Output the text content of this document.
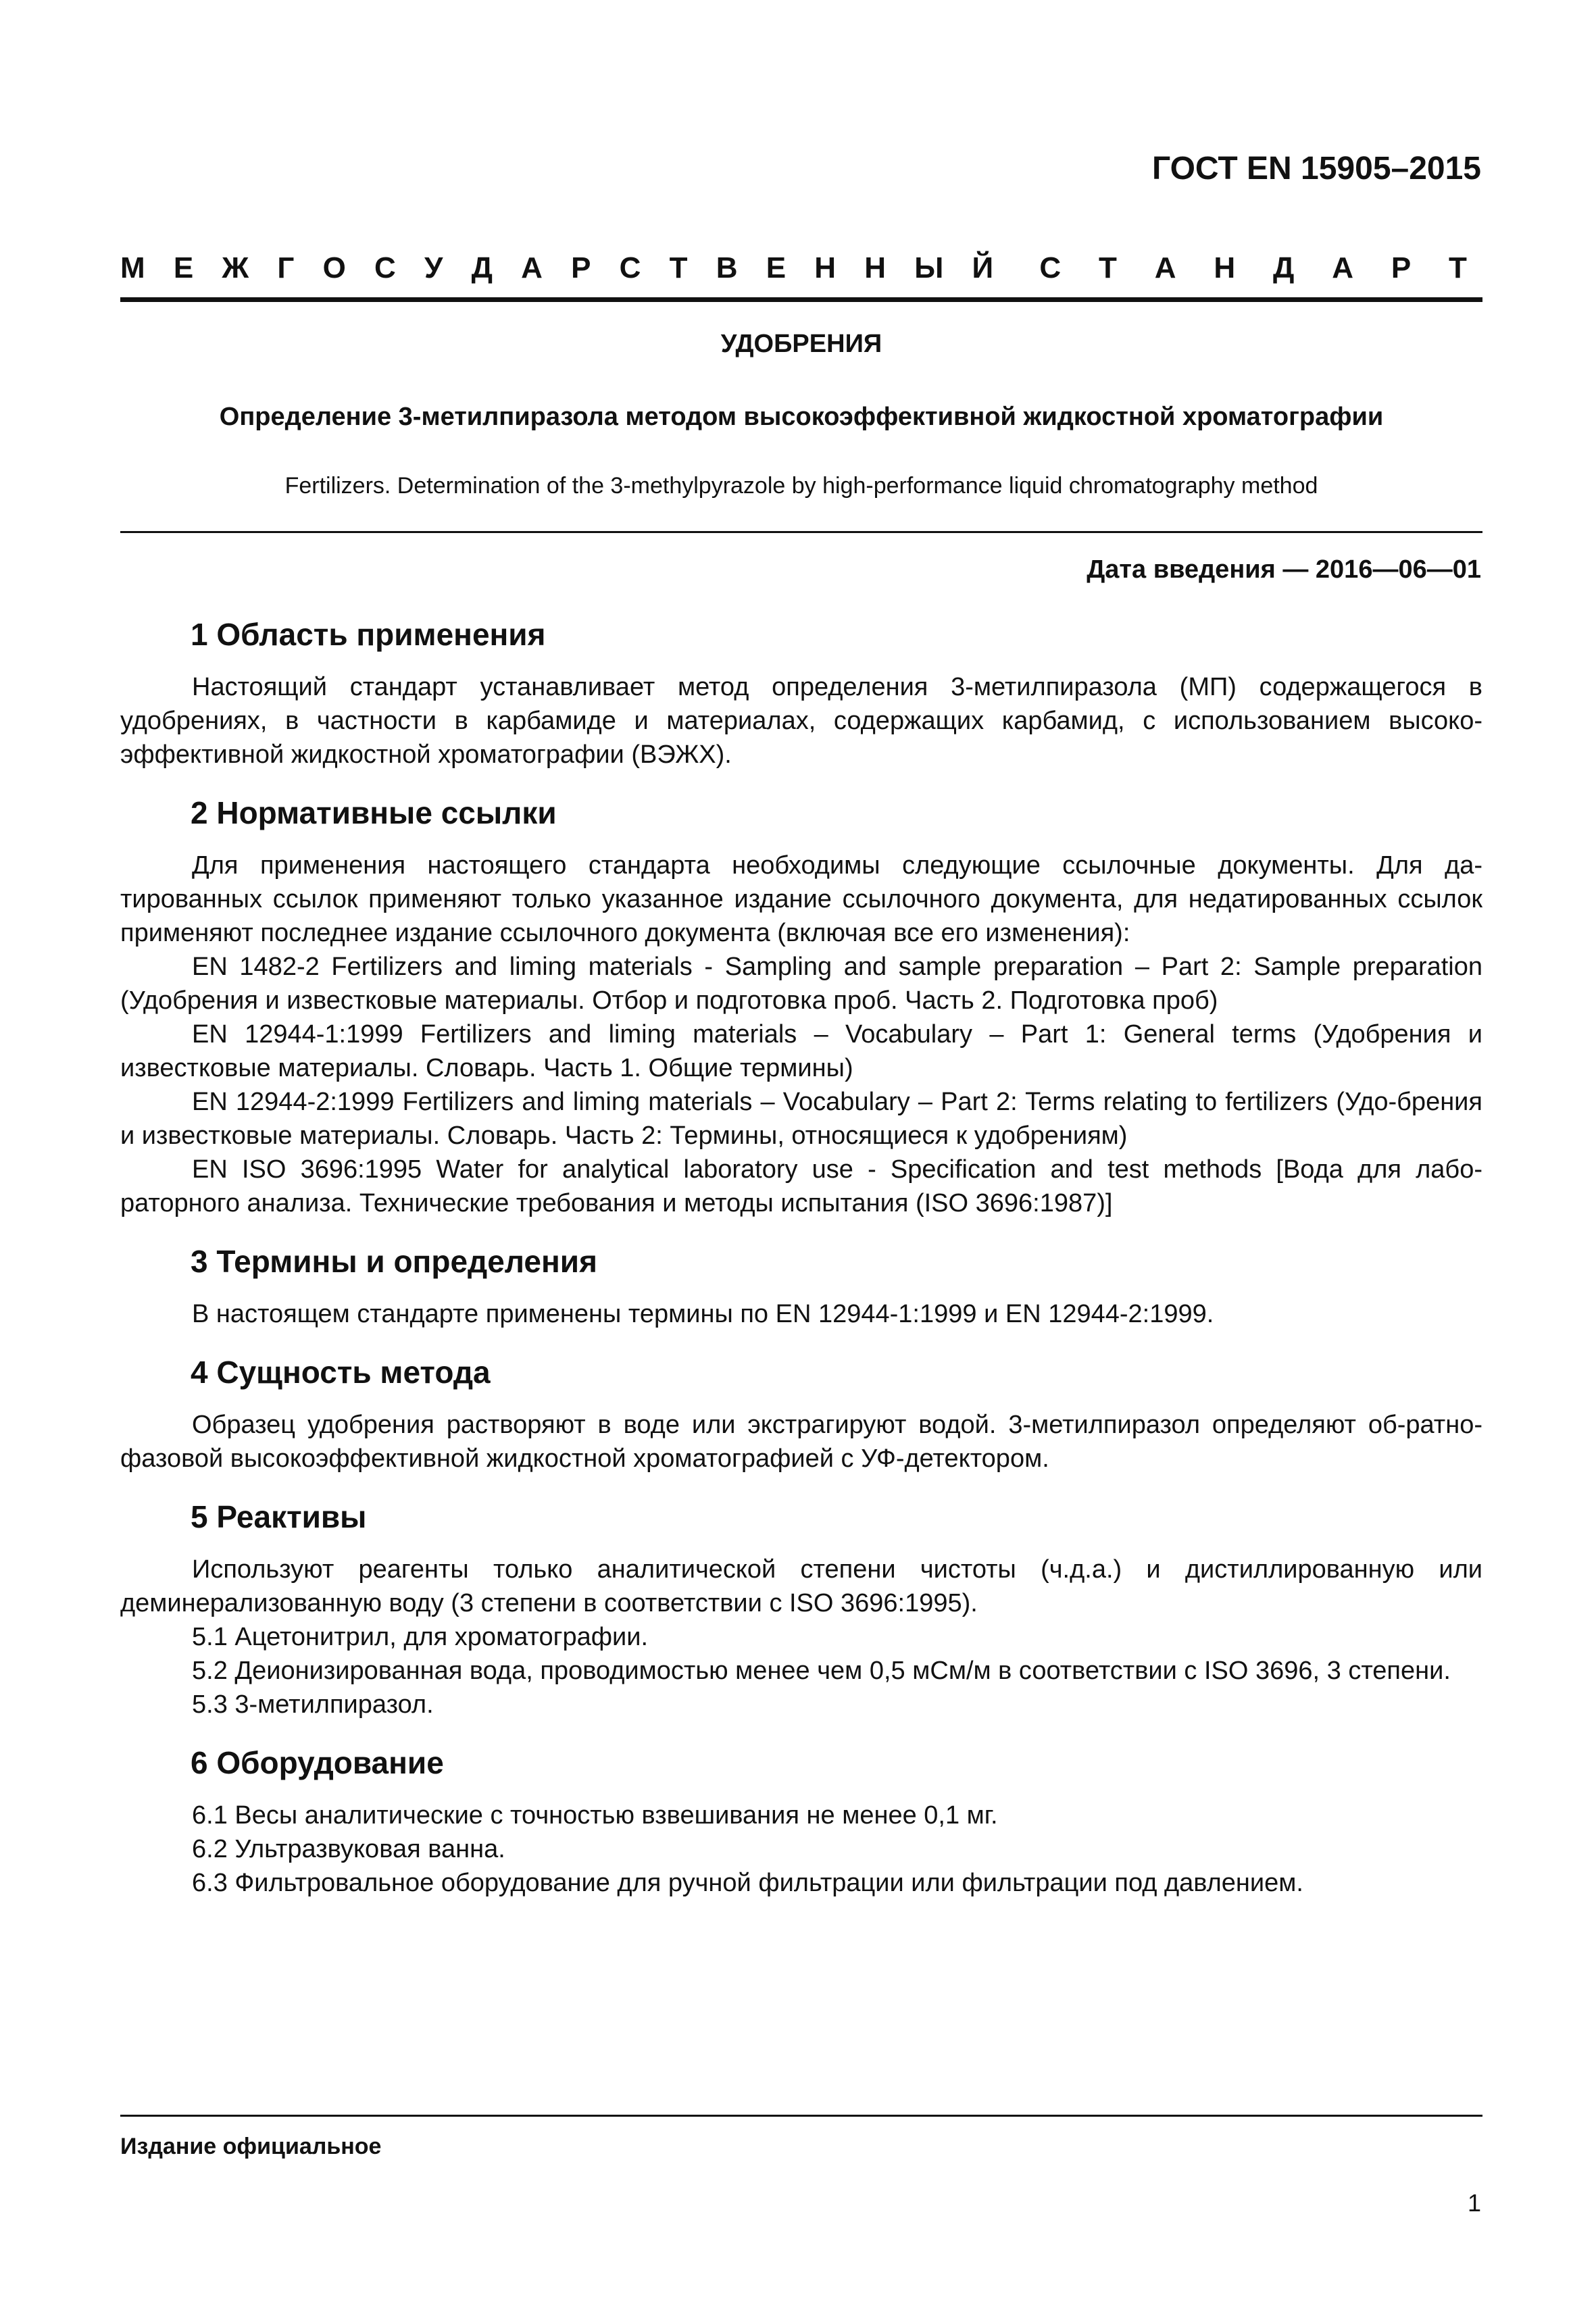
ГОСТ EN 15905–2015
М Е Ж Г О С У Д А Р С Т В Е Н Н Ы Й С Т А Н Д А Р Т
УДОБРЕНИЯ
Определение 3-метилпиразола методом высокоэффективной жидкостной хроматографии
Fertilizers. Determination of the 3-methylpyrazole by high-performance liquid chromatography method
Дата введения — 2016—06—01
1 Область применения

Настоящий стандарт устанавливает метод определения 3-метилпиразола (МП) содержащегося в удобрениях, в частности в карбамиде и материалах, содержащих карбамид, с использованием высоко-эффективной жидкостной хроматографии (ВЭЖХ).

2 Нормативные ссылки

Для применения настоящего стандарта необходимы следующие ссылочные документы. Для да-тированных ссылок применяют только указанное издание ссылочного документа, для недатированных ссылок применяют последнее издание ссылочного документа (включая все его изменения):

EN 1482-2 Fertilizers and liming materials - Sampling and sample preparation – Part 2: Sample preparation (Удобрения и известковые материалы. Отбор и подготовка проб. Часть 2. Подготовка проб)

EN 12944-1:1999 Fertilizers and liming materials – Vocabulary – Part 1: General terms (Удобрения и известковые материалы. Словарь. Часть 1. Общие термины)

EN 12944-2:1999 Fertilizers and liming materials – Vocabulary – Part 2: Terms relating to fertilizers (Удо-брения и известковые материалы. Словарь. Часть 2: Термины, относящиеся к удобрениям)

EN ISO 3696:1995 Water for analytical laboratory use - Specification and test methods [Вода для лабо-раторного анализа. Технические требования и методы испытания (ISO 3696:1987)]

3 Термины и определения

В настоящем стандарте применены термины по EN 12944-1:1999 и EN 12944-2:1999.

4 Сущность метода

Образец удобрения растворяют в воде или экстрагируют водой. 3-метилпиразол определяют об-ратно-фазовой высокоэффективной жидкостной хроматографией с УФ-детектором.

5 Реактивы

Используют реагенты только аналитической степени чистоты (ч.д.а.) и дистиллированную или деминерализованную воду (3 степени в соответствии с ISO 3696:1995).

5.1 Ацетонитрил, для хроматографии.

5.2 Деионизированная вода, проводимостью менее чем 0,5 мСм/м в соответствии с ISO 3696, 3 степени.

5.3 3-метилпиразол.

6 Оборудование

6.1 Весы аналитические с точностью взвешивания не менее 0,1 мг.

6.2 Ультразвуковая ванна.

6.3 Фильтровальное оборудование для ручной фильтрации или фильтрации под давлением.

Издание официальное
1
